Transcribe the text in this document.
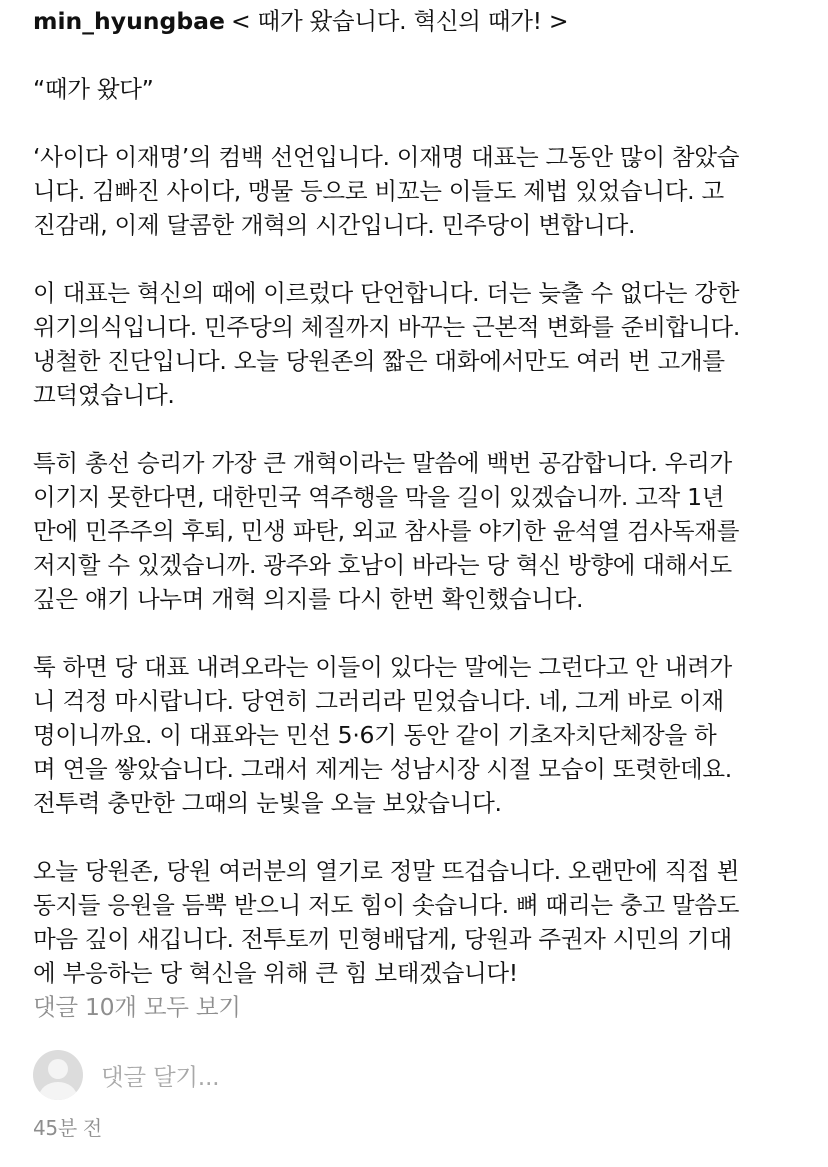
min_hyungbae < 때가 왔습니다. 혁신의 때가! >

“때가 왔다”

‘사이다 이재명’의 컴백 선언입니다. 이재명 대표는 그동안 많이 참았습

니다. 김빠진 사이다, 맹물 등으로 비꼬는 이들도 제법 있었습니다. 고

진감래, 이제 달콤한 개혁의 시간입니다. 민주당이 변합니다.

이 대표는 혁신의 때에 이르렀다 단언합니다. 더는 늦출 수 없다는 강한

위기의식입니다. 민주당의 체질까지 바꾸는 근본적 변화를 준비합니다.

냉철한 진단입니다. 오늘 당원존의 짧은 대화에서만도 여러 번 고개를

끄덕였습니다.

특히 총선 승리가 가장 큰 개혁이라는 말씀에 백번 공감합니다. 우리가

이기지 못한다면, 대한민국 역주행을 막을 길이 있겠습니까. 고작 1년

만에 민주주의 후퇴, 민생 파탄, 외교 참사를 야기한 윤석열 검사독재를

저지할 수 있겠습니까. 광주와 호남이 바라는 당 혁신 방향에 대해서도

깊은 얘기 나누며 개혁 의지를 다시 한번 확인했습니다.

툭 하면 당 대표 내려오라는 이들이 있다는 말에는 그런다고 안 내려가

니 걱정 마시랍니다. 당연히 그러리라 믿었습니다. 네, 그게 바로 이재

명이니까요. 이 대표와는 민선 5·6기 동안 같이 기초자치단체장을 하

며 연을 쌓았습니다. 그래서 제게는 성남시장 시절 모습이 또렷한데요.

전투력 충만한 그때의 눈빛을 오늘 보았습니다.

오늘 당원존, 당원 여러분의 열기로 정말 뜨겁습니다. 오랜만에 직접 뵌

동지들 응원을 듬뿍 받으니 저도 힘이 솟습니다. 뼈 때리는 충고 말씀도

마음 깊이 새깁니다. 전투토끼 민형배답게, 당원과 주권자 시민의 기대

에 부응하는 당 혁신을 위해 큰 힘 보태겠습니다!

댓글 10개 모두 보기
댓글 달기...
45분 전
